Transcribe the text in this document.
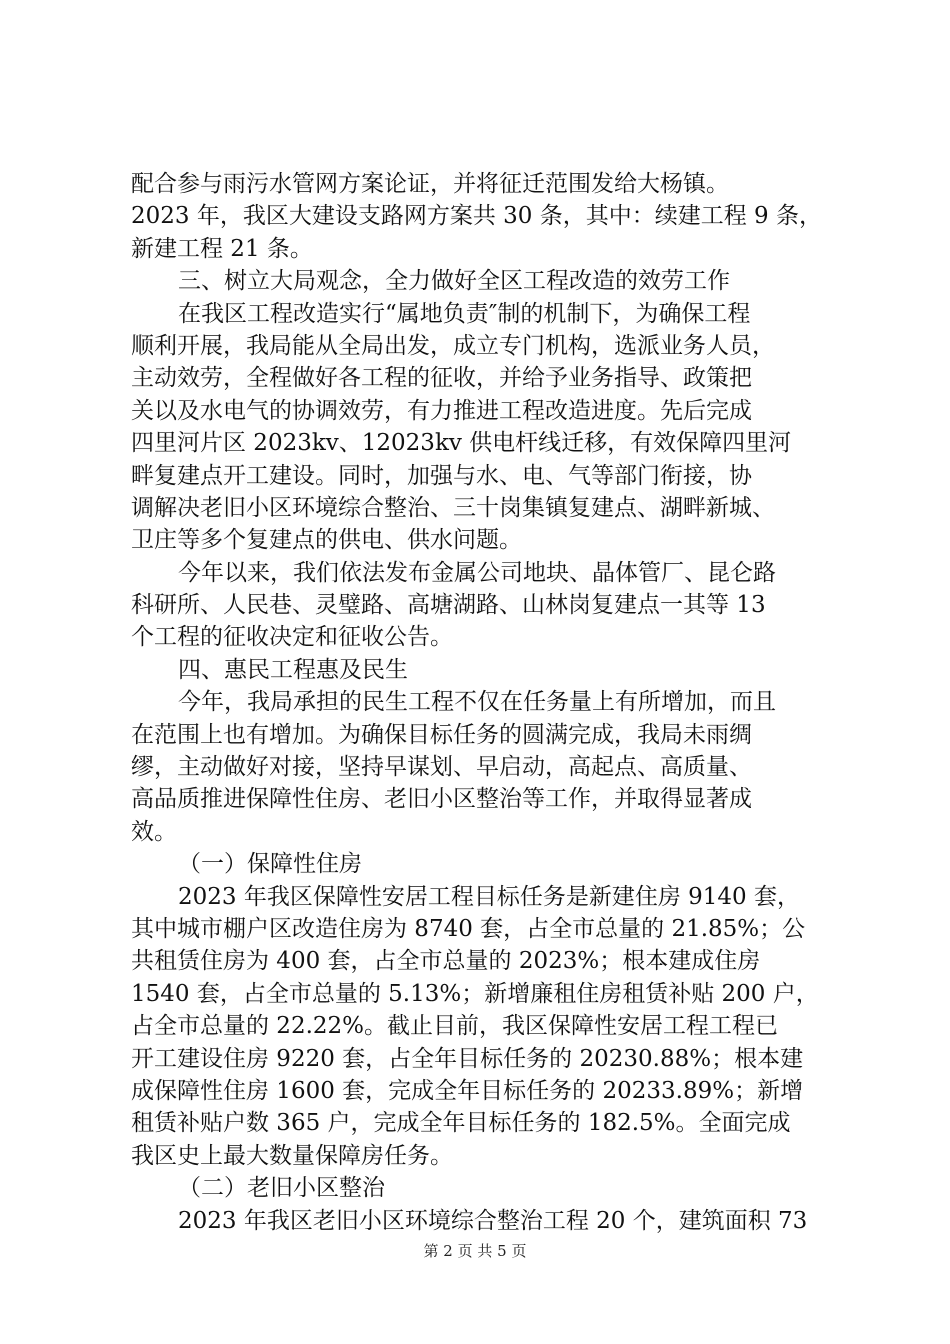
配合参与雨污水管网方案论证，并将征迁范围发给大杨镇。
2023 年，我区大建设支路网方案共 30 条，其中：续建工程 9 条，
新建工程 21 条。
三、树立大局观念，全力做好全区工程改造的效劳工作
在我区工程改造实行“属地负责″制的机制下，为确保工程
顺利开展，我局能从全局出发，成立专门机构，选派业务人员，
主动效劳，全程做好各工程的征收，并给予业务指导、政策把
关以及水电气的协调效劳，有力推进工程改造进度。先后完成
四里河片区 2023kv、12023kv 供电杆线迁移，有效保障四里河
畔复建点开工建设。同时，加强与水、电、气等部门衔接，协
调解决老旧小区环境综合整治、三十岗集镇复建点、湖畔新城、
卫庄等多个复建点的供电、供水问题。
今年以来，我们依法发布金属公司地块、晶体管厂、昆仑路
科研所、人民巷、灵璧路、高塘湖路、山林岗复建点一其等 13
个工程的征收决定和征收公告。
四、惠民工程惠及民生
今年，我局承担的民生工程不仅在任务量上有所增加，而且
在范围上也有增加。为确保目标任务的圆满完成，我局未雨绸
缪，主动做好对接，坚持早谋划、早启动，高起点、高质量、
高品质推进保障性住房、老旧小区整治等工作，并取得显著成
效。
（一）保障性住房
2023 年我区保障性安居工程目标任务是新建住房 9140 套，
其中城市棚户区改造住房为 8740 套，占全市总量的 21.85%；公
共租赁住房为 400 套，占全市总量的 2023%；根本建成住房
1540 套，占全市总量的 5.13%；新增廉租住房租赁补贴 200 户，
占全市总量的 22.22%。截止目前，我区保障性安居工程工程已
开工建设住房 9220 套，占全年目标任务的 20230.88%；根本建
成保障性住房 1600 套，完成全年目标任务的 20233.89%；新增
租赁补贴户数 365 户，完成全年目标任务的 182.5%。全面完成
我区史上最大数量保障房任务。
（二）老旧小区整治
2023 年我区老旧小区环境综合整治工程 20 个，建筑面积 73
第 2 页 共 5 页
